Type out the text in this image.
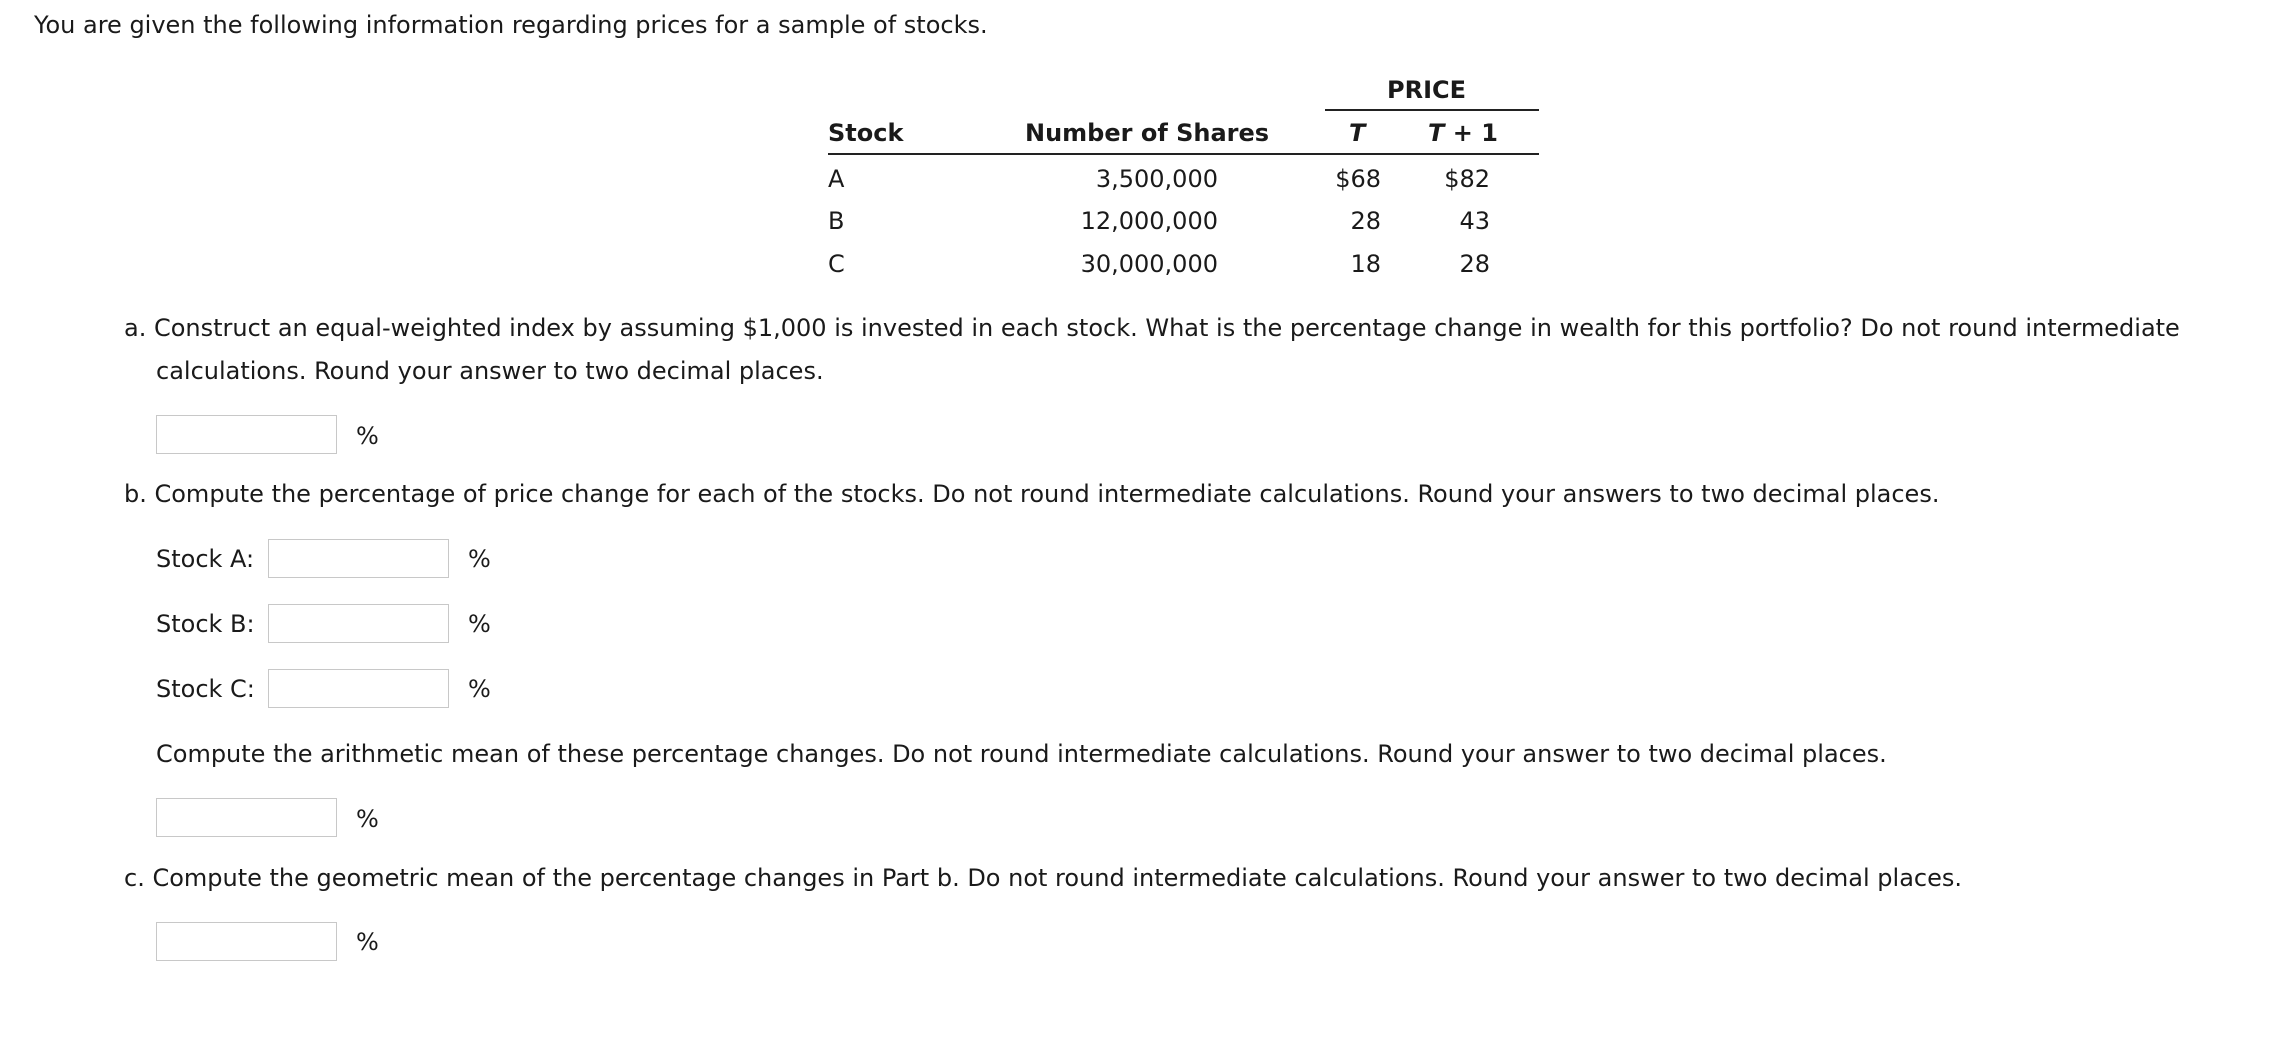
You are given the following information regarding prices for a sample of stocks.
PRICE
Stock	Number of Shares	T	T + 1
A	3,500,000	$68	$82
B	12,000,000	28	43
C	30,000,000	18	28
a. Construct an equal-weighted index by assuming $1,000 is invested in each stock. What is the percentage change in wealth for this portfolio? Do not round intermediate
calculations. Round your answer to two decimal places.
%
b. Compute the percentage of price change for each of the stocks. Do not round intermediate calculations. Round your answers to two decimal places.
Stock A:	%
Stock B:	%
Stock C:	%
Compute the arithmetic mean of these percentage changes. Do not round intermediate calculations. Round your answer to two decimal places.
%
c. Compute the geometric mean of the percentage changes in Part b. Do not round intermediate calculations. Round your answer to two decimal places.
%
